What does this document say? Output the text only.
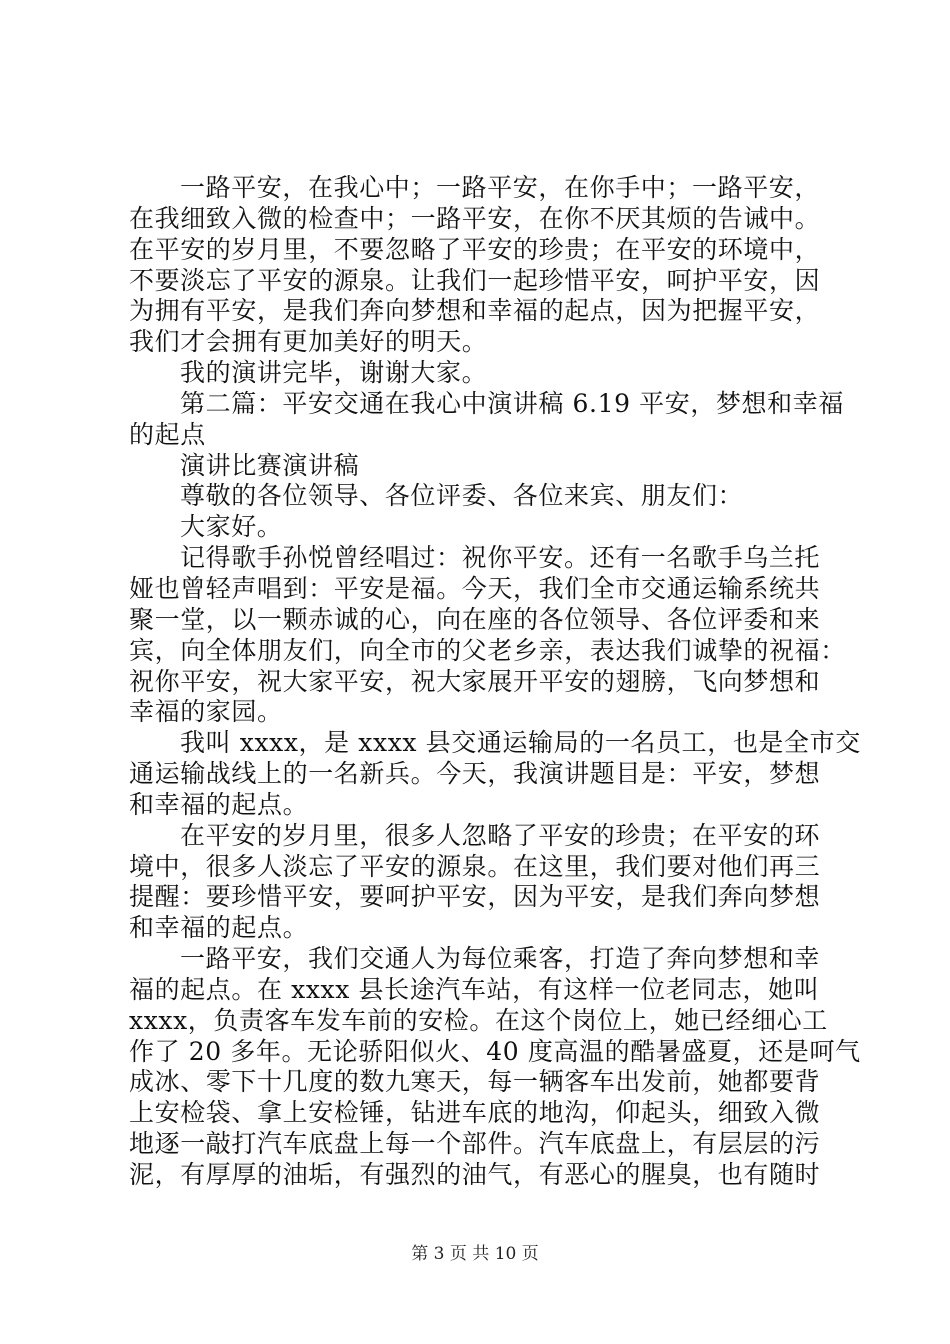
一路平安，在我心中；一路平安，在你手中；一路平安，
在我细致入微的检查中；一路平安，在你不厌其烦的告诫中。
在平安的岁月里，不要忽略了平安的珍贵；在平安的环境中，
不要淡忘了平安的源泉。让我们一起珍惜平安，呵护平安，因
为拥有平安，是我们奔向梦想和幸福的起点，因为把握平安，
我们才会拥有更加美好的明天。
我的演讲完毕，谢谢大家。
第二篇：平安交通在我心中演讲稿 6.19 平安，梦想和幸福
的起点
演讲比赛演讲稿
尊敬的各位领导、各位评委、各位来宾、朋友们：
大家好。
记得歌手孙悦曾经唱过：祝你平安。还有一名歌手乌兰托
娅也曾轻声唱到：平安是福。今天，我们全市交通运输系统共
聚一堂，以一颗赤诚的心，向在座的各位领导、各位评委和来
宾，向全体朋友们，向全市的父老乡亲，表达我们诚挚的祝福：
祝你平安，祝大家平安，祝大家展开平安的翅膀，飞向梦想和
幸福的家园。
我叫 xxxx，是 xxxx 县交通运输局的一名员工，也是全市交
通运输战线上的一名新兵。今天，我演讲题目是：平安，梦想
和幸福的起点。
在平安的岁月里，很多人忽略了平安的珍贵；在平安的环
境中，很多人淡忘了平安的源泉。在这里，我们要对他们再三
提醒：要珍惜平安，要呵护平安，因为平安，是我们奔向梦想
和幸福的起点。
一路平安，我们交通人为每位乘客，打造了奔向梦想和幸
福的起点。在 xxxx 县长途汽车站，有这样一位老同志，她叫
xxxx，负责客车发车前的安检。在这个岗位上，她已经细心工
作了 20 多年。无论骄阳似火、40 度高温的酷暑盛夏，还是呵气
成冰、零下十几度的数九寒天，每一辆客车出发前，她都要背
上安检袋、拿上安检锤，钻进车底的地沟，仰起头，细致入微
地逐一敲打汽车底盘上每一个部件。汽车底盘上，有层层的污
泥，有厚厚的油垢，有强烈的油气，有恶心的腥臭，也有随时
第 3 页 共 10 页
